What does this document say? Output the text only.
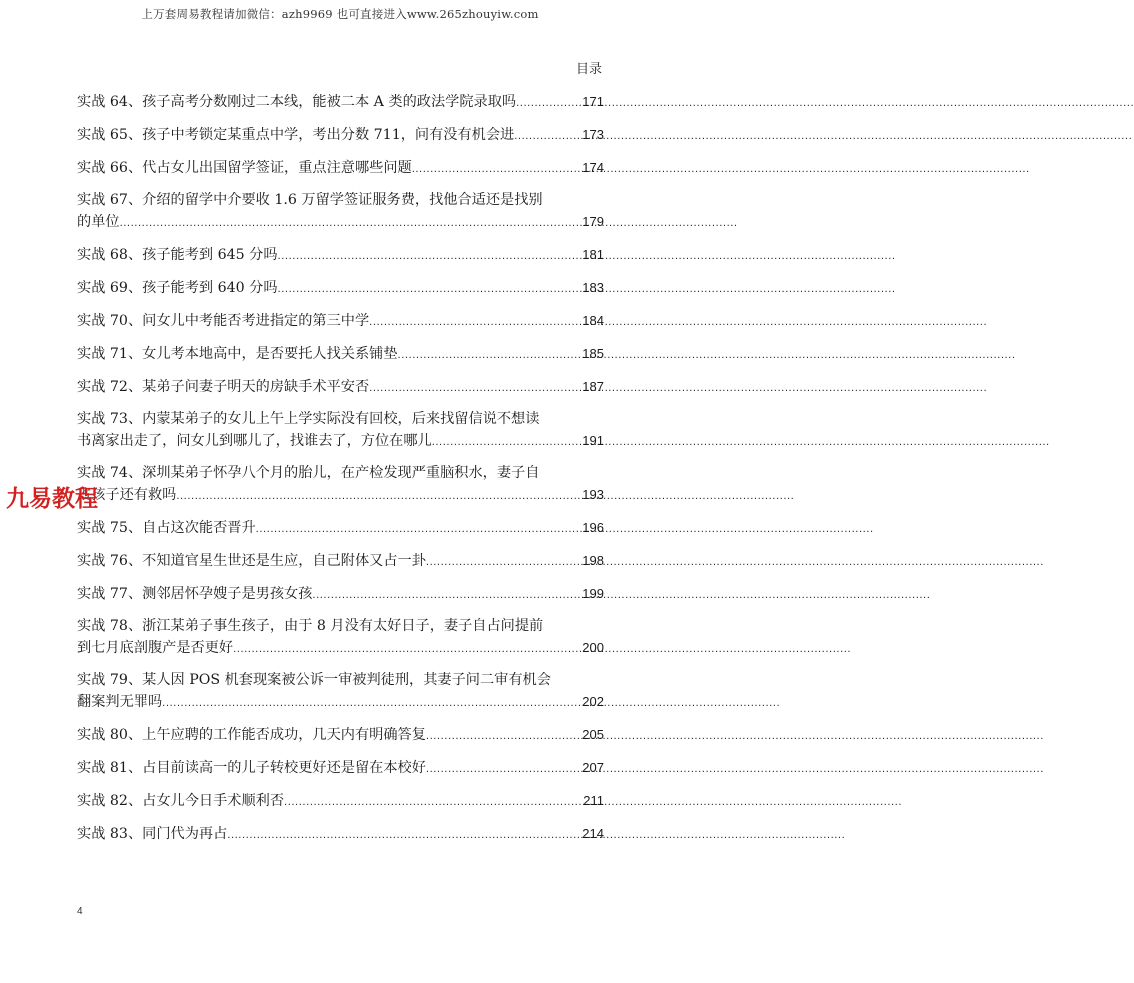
上万套周易教程请加微信：azh9969 也可直接进入www.265zhouyiw.com
目录
实战 64、孩子高考分数刚过二本线，能被二本 A 类的政法学院录取吗 .....	171
实战 65、孩子中考锁定某重点中学，考出分数 711，问有没有机会进 .....	173
实战 66、代占女儿出国留学签证，重点注意哪些问题 .....	174
实战 67、介绍的留学中介要收 1.6 万留学签证服务费，找他合适还是找别
的单位 .....	179
实战 68、孩子能考到 645 分吗 .....	181
实战 69、孩子能考到 640 分吗 .....	183
实战 70、问女儿中考能否考进指定的第三中学 .....	184
实战 71、女儿考本地高中，是否要托人找关系铺垫 .....	185
实战 72、某弟子问妻子明天的房缺手术平安否 .....	187
实战 73、内蒙某弟子的女儿上午上学实际没有回校，后来找留信说不想读
书离家出走了，问女儿到哪儿了，找谁去了，方位在哪儿 .....	191
实战 74、深圳某弟子怀孕八个月的胎儿，在产检发现严重脑积水，妻子自
占孩子还有救吗 .....	193
实战 75、自占这次能否晋升 .....	196
实战 76、不知道官星生世还是生应，自己附体又占一卦 .....	198
实战 77、测邻居怀孕嫂子是男孩女孩 .....	199
实战 78、浙江某弟子事生孩子，由于 8 月没有太好日子，妻子自占问提前
到七月底剖腹产是否更好 .....	200
实战 79、某人因 POS 机套现案被公诉一审被判徒刑，其妻子问二审有机会
翻案判无罪吗 .....	202
实战 80、上午应聘的工作能否成功，几天内有明确答复 .....	205
实战 81、占目前读高一的儿子转校更好还是留在本校好 .....	207
实战 82、占女儿今日手术顺利否 .....	211
实战 83、同门代为再占 .....	214
九易教程
4
